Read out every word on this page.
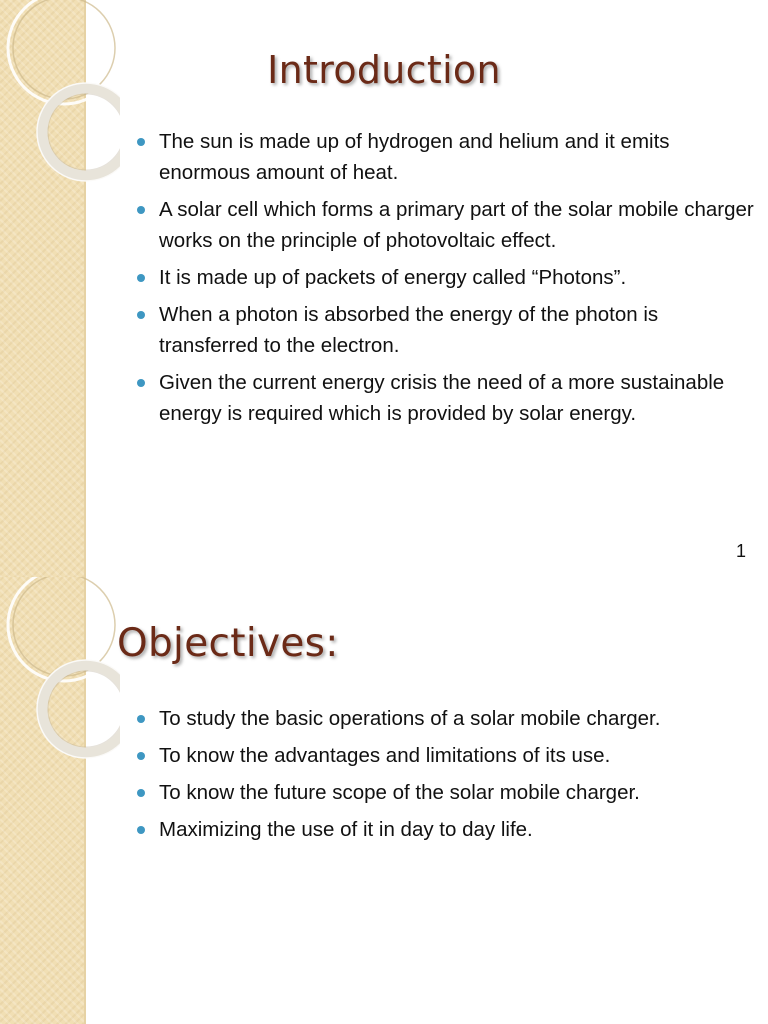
Introduction
The sun is made up of hydrogen and helium and it emits enormous amount of heat.
A solar cell which forms a primary part of the solar mobile charger works on the principle of photovoltaic effect.
It is made up of packets of energy called “Photons”.
When a photon is absorbed the energy of the photon is transferred to the electron.
Given the current energy crisis the need of a more sustainable energy is required which is provided by solar energy.
1
Objectives:
To study the basic operations of a solar mobile charger.
To know the advantages and limitations of its use.
To know the future scope of the solar mobile charger.
Maximizing the use of it in day to day life.
